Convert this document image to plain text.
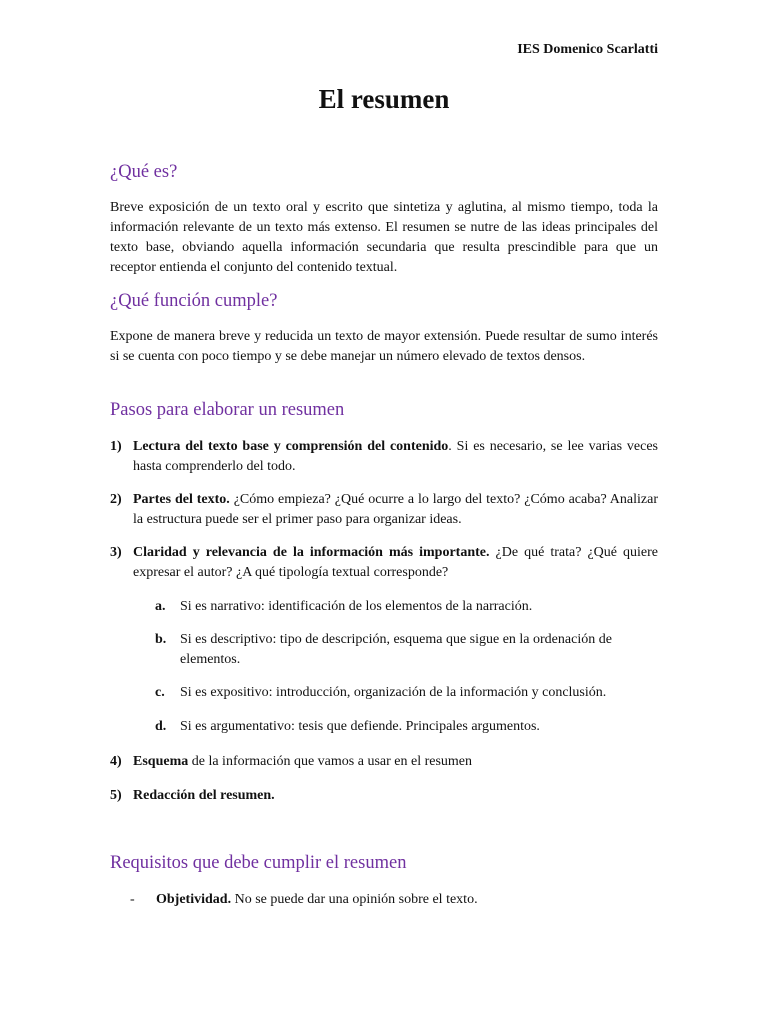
IES Domenico Scarlatti
El resumen
¿Qué es?

Breve exposición de un texto oral y escrito que sintetiza y aglutina, al mismo tiempo, toda la información relevante de un texto más extenso. El resumen se nutre de las ideas principales del texto base, obviando aquella información secundaria que resulta prescindible para que un receptor entienda el conjunto del contenido textual.

¿Qué función cumple?

Expone de manera breve y reducida un texto de mayor extensión. Puede resultar de sumo interés si se cuenta con poco tiempo y se debe manejar un número elevado de textos densos.

Pasos para elaborar un resumen
1) Lectura del texto base y comprensión del contenido. Si es necesario, se lee varias veces hasta comprenderlo del todo.
2) Partes del texto. ¿Cómo empieza? ¿Qué ocurre a lo largo del texto? ¿Cómo acaba? Analizar la estructura puede ser el primer paso para organizar ideas.
3) Claridad y relevancia de la información más importante. ¿De qué trata? ¿Qué quiere expresar el autor? ¿A qué tipología textual corresponde?
a. Si es narrativo: identificación de los elementos de la narración.
b. Si es descriptivo: tipo de descripción, esquema que sigue en la ordenación de elementos.
c. Si es expositivo: introducción, organización de la información y conclusión.
d. Si es argumentativo: tesis que defiende. Principales argumentos.
4) Esquema de la información que vamos a usar en el resumen
5) Redacción del resumen.
Requisitos que debe cumplir el resumen
- Objetividad. No se puede dar una opinión sobre el texto.
